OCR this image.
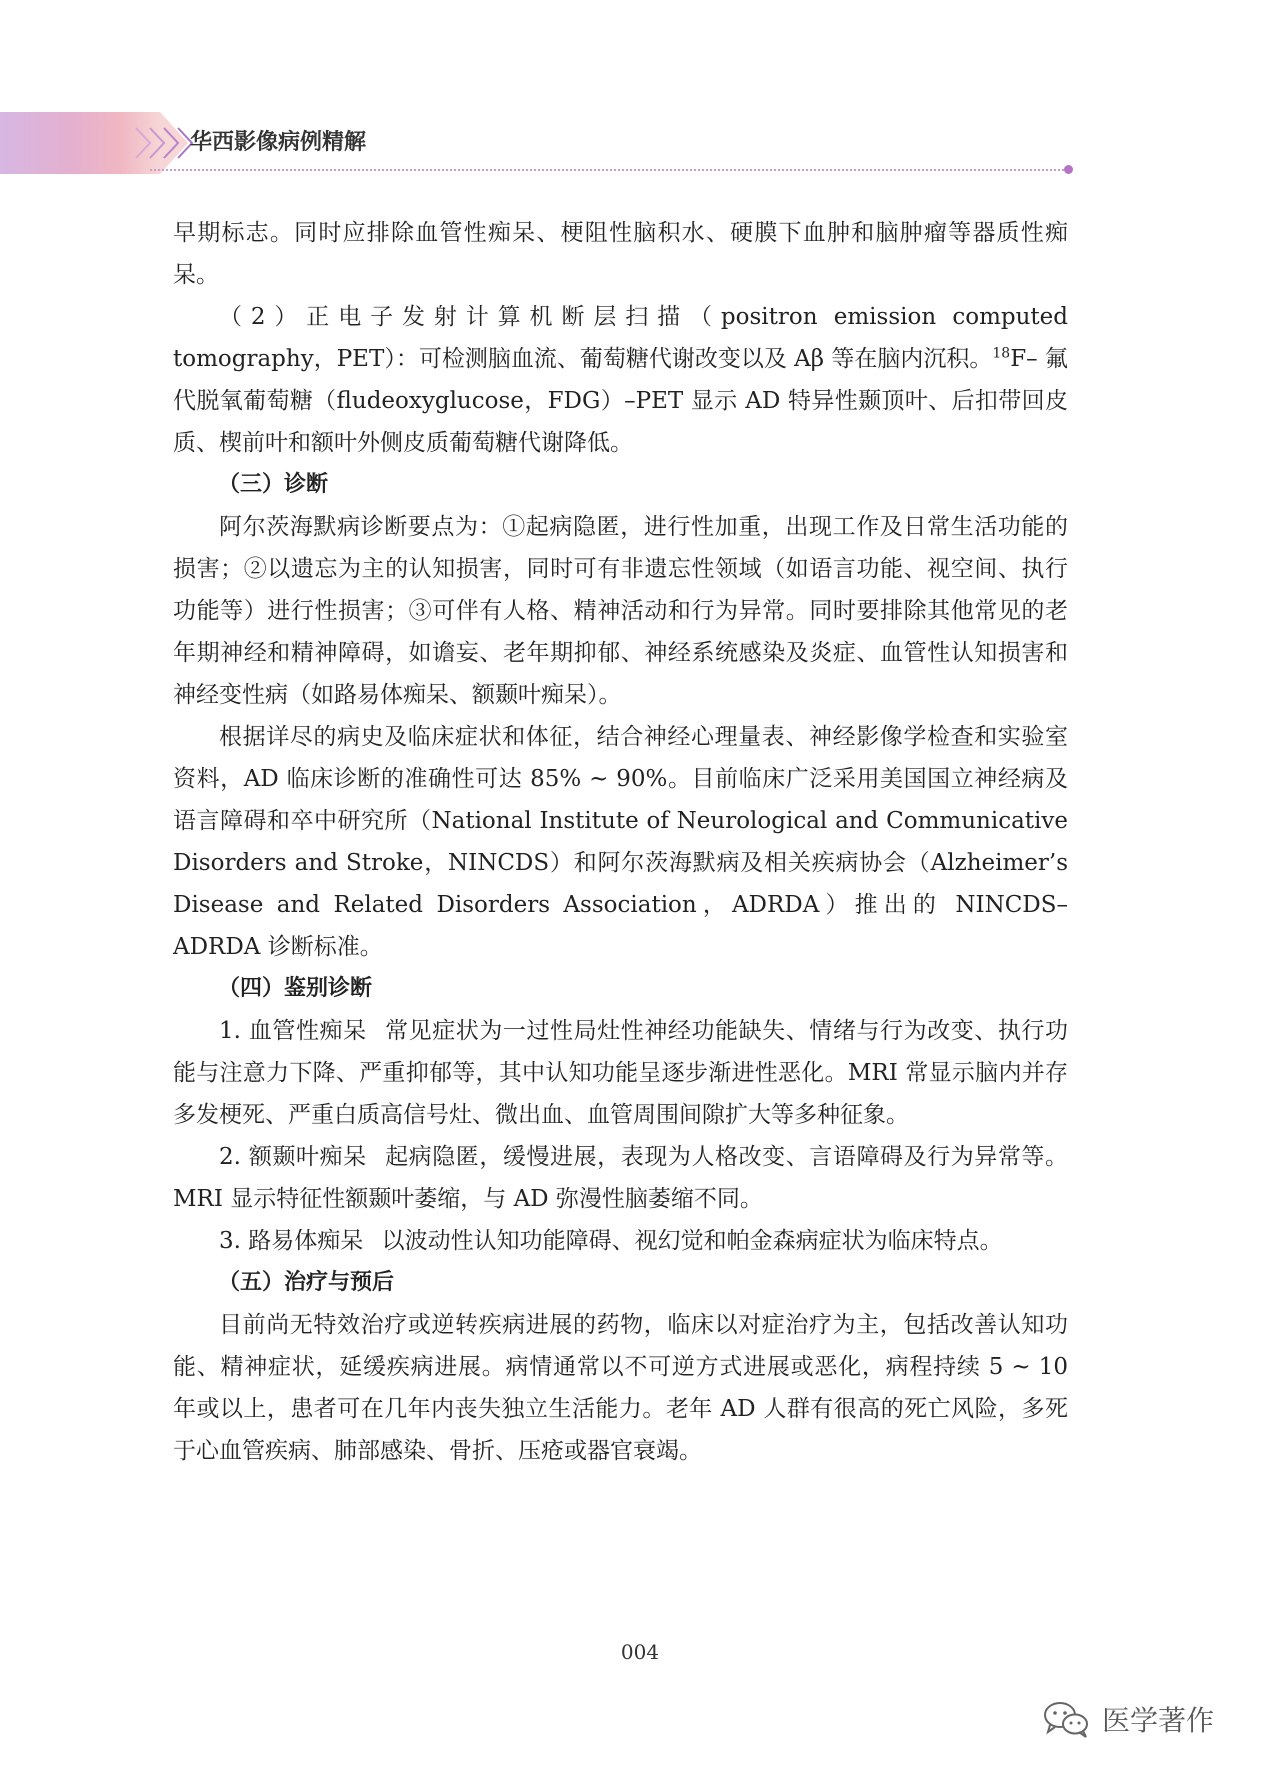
华西影像病例精解

早期标志。同时应排除血管性痴呆、梗阻性脑积水、硬膜下血肿和脑肿瘤等器质性痴呆。

（2）正电子发射计算机断层扫描（positron emission computed tomography，PET）：可检测脑血流、葡萄糖代谢改变以及 Aβ 等在脑内沉积。$^{18}$F– 氟代脱氧葡萄糖（fludeoxyglucose，FDG）–PET 显示 AD 特异性颞顶叶、后扣带回皮质、楔前叶和额叶外侧皮质葡萄糖代谢降低。

（三）诊断

阿尔茨海默病诊断要点为：①起病隐匿，进行性加重，出现工作及日常生活功能的损害；②以遗忘为主的认知损害，同时可有非遗忘性领域（如语言功能、视空间、执行功能等）进行性损害；③可伴有人格、精神活动和行为异常。同时要排除其他常见的老年期神经和精神障碍，如谵妄、老年期抑郁、神经系统感染及炎症、血管性认知损害和神经变性病（如路易体痴呆、额颞叶痴呆）。

根据详尽的病史及临床症状和体征，结合神经心理量表、神经影像学检查和实验室资料，AD 临床诊断的准确性可达 85% ~ 90%。目前临床广泛采用美国国立神经病及语言障碍和卒中研究所（National Institute of Neurological and Communicative Disorders and Stroke，NINCDS）和阿尔茨海默病及相关疾病协会（Alzheimer’s Disease and Related Disorders Association，ADRDA）推出的 NINCDS–ADRDA 诊断标准。

（四）鉴别诊断

1. 血管性痴呆 常见症状为一过性局灶性神经功能缺失、情绪与行为改变、执行功能与注意力下降、严重抑郁等，其中认知功能呈逐步渐进性恶化。MRI 常显示脑内并存多发梗死、严重白质高信号灶、微出血、血管周围间隙扩大等多种征象。

2. 额颞叶痴呆 起病隐匿，缓慢进展，表现为人格改变、言语障碍及行为异常等。MRI 显示特征性额颞叶萎缩，与 AD 弥漫性脑萎缩不同。

3. 路易体痴呆 以波动性认知功能障碍、视幻觉和帕金森病症状为临床特点。

（五）治疗与预后

目前尚无特效治疗或逆转疾病进展的药物，临床以对症治疗为主，包括改善认知功能、精神症状，延缓疾病进展。病情通常以不可逆方式进展或恶化，病程持续 5 ~ 10 年或以上，患者可在几年内丧失独立生活能力。老年 AD 人群有很高的死亡风险，多死于心血管疾病、肺部感染、骨折、压疮或器官衰竭。

004
医学著作
